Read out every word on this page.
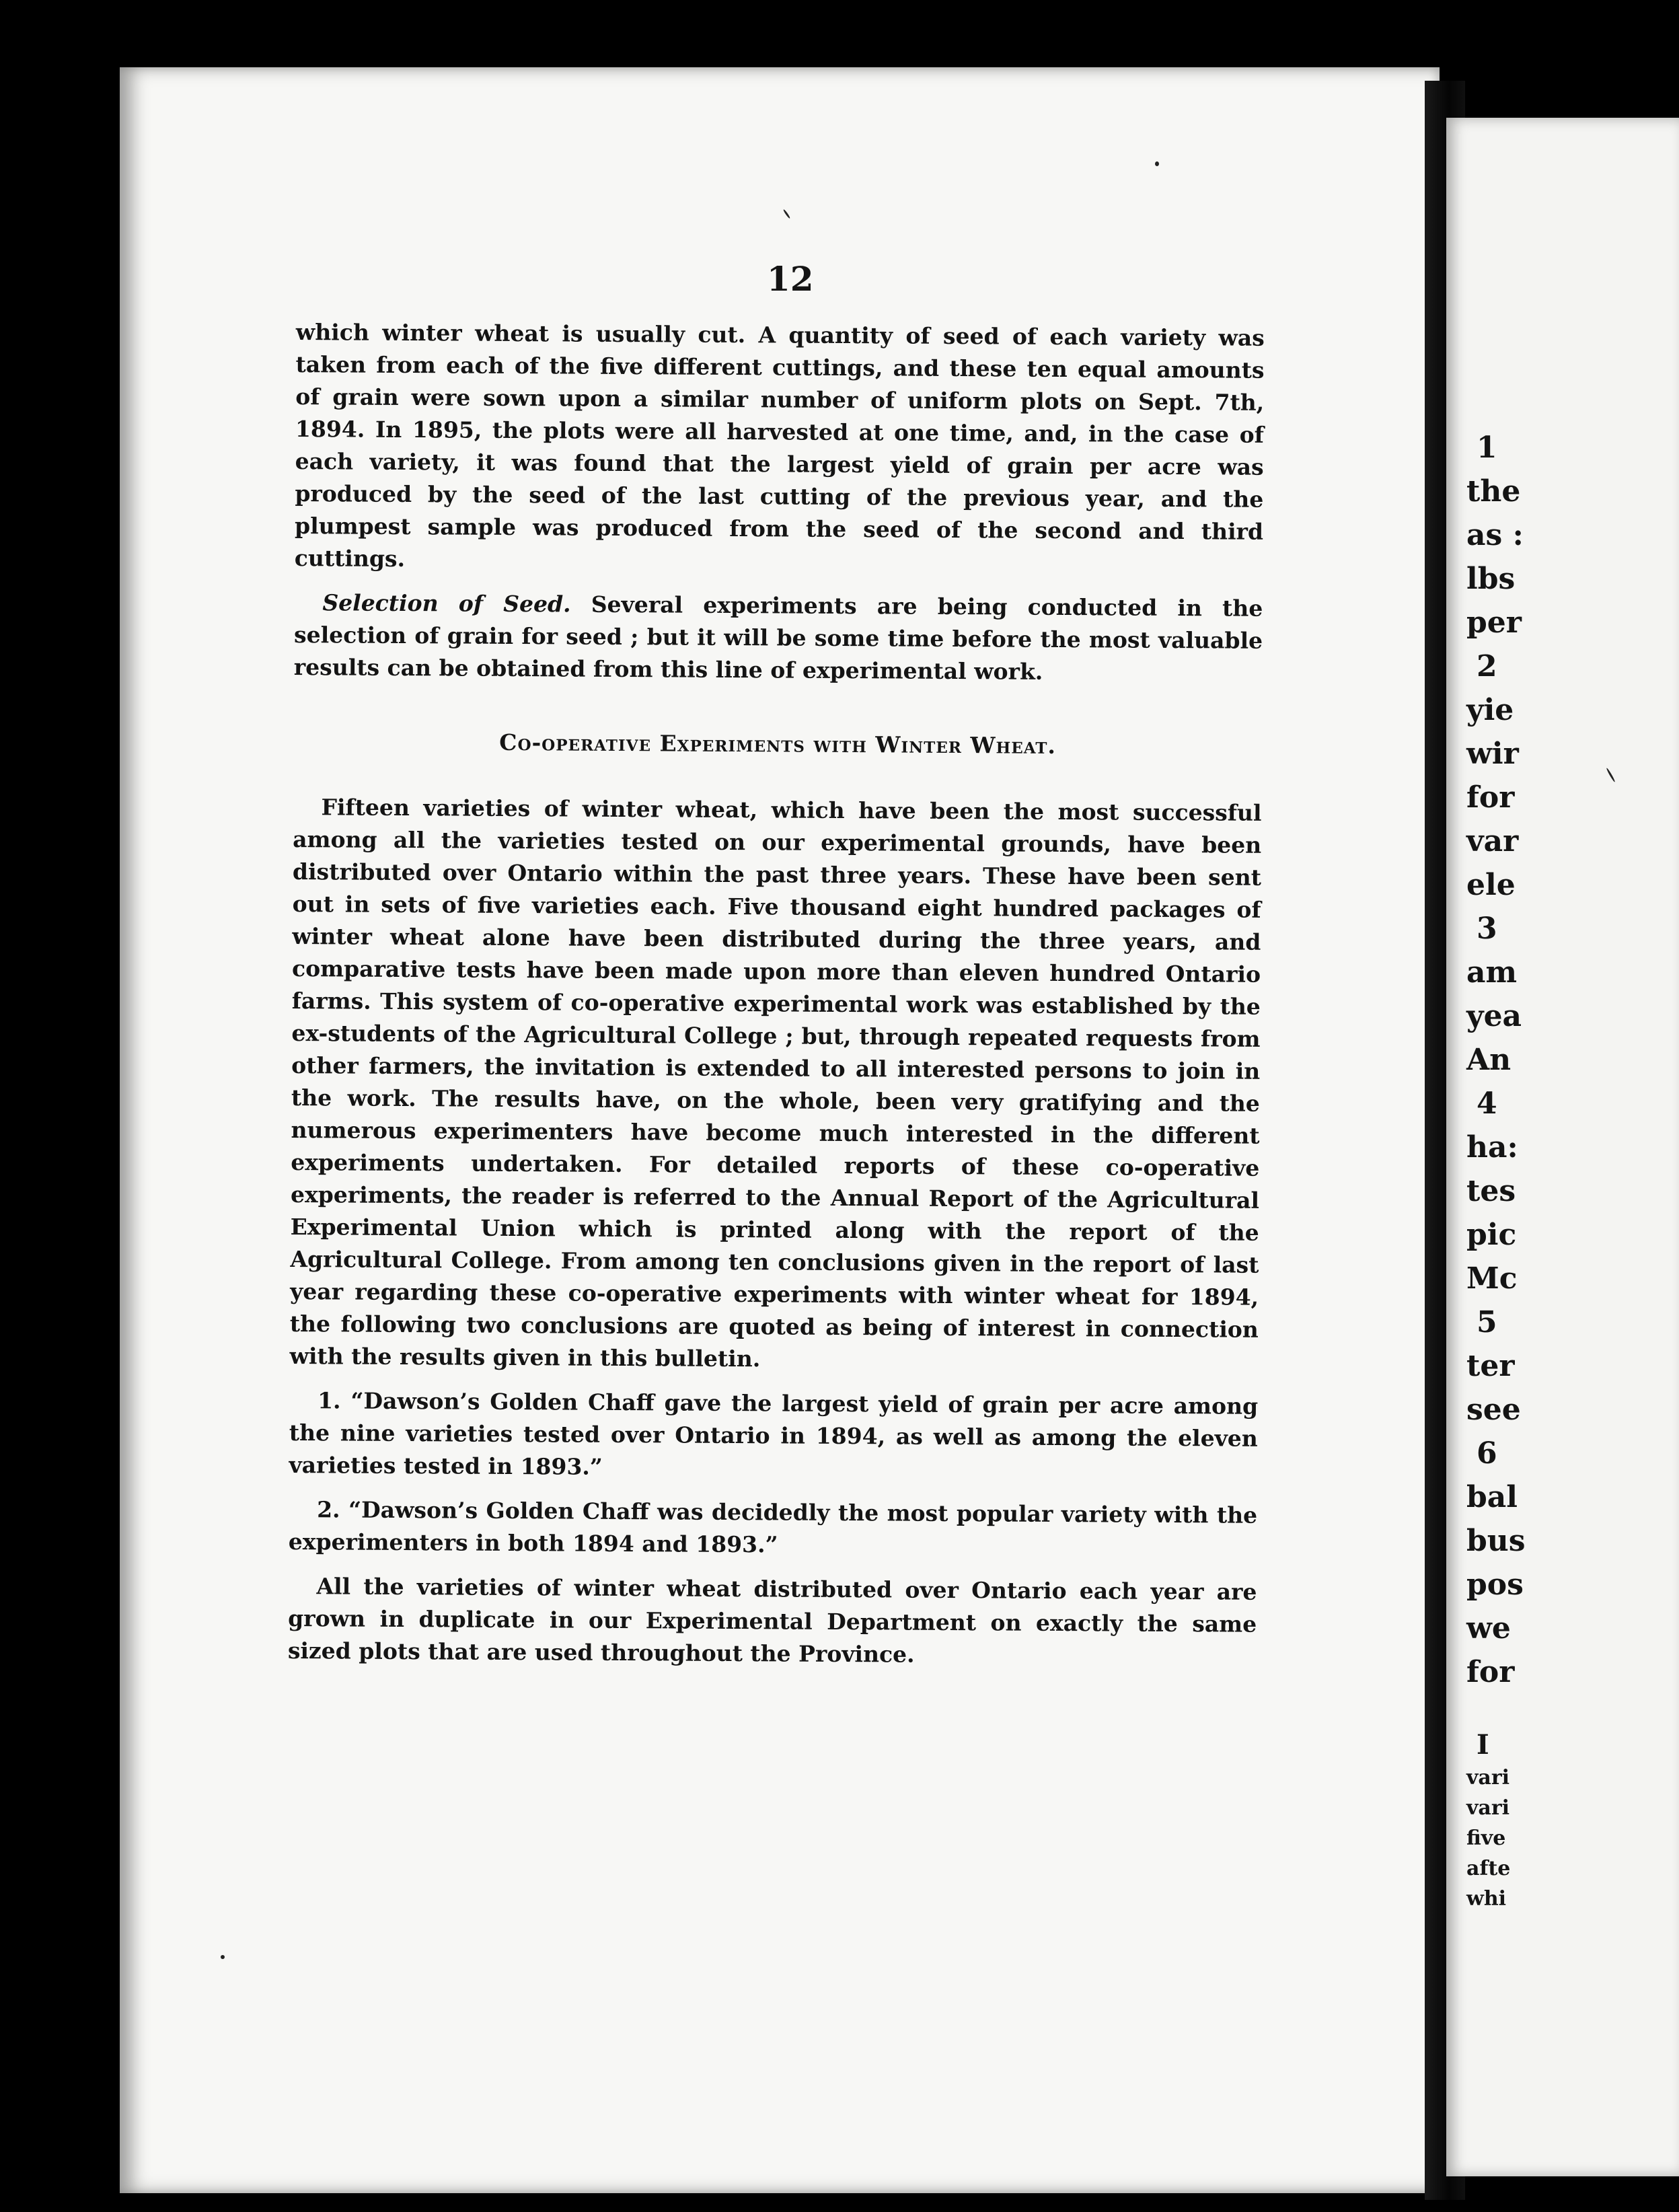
12

which winter wheat is usually cut. A quantity of seed of each variety was taken from each of the five different cuttings, and these ten equal amounts of grain were sown upon a similar number of uniform plots on Sept. 7th, 1894. In 1895, the plots were all harvested at one time, and, in the case of each variety, it was found that the largest yield of grain per acre was produced by the seed of the last cutting of the previous year, and the plumpest sample was produced from the seed of the second and third cuttings.

Selection of Seed. Several experiments are being conducted in the selection of grain for seed ; but it will be some time before the most valuable results can be obtained from this line of experimental work.

Co-operative Experiments with Winter Wheat.

Fifteen varieties of winter wheat, which have been the most successful among all the varieties tested on our experimental grounds, have been distributed over Ontario within the past three years. These have been sent out in sets of five varieties each. Five thousand eight hundred packages of winter wheat alone have been distributed during the three years, and comparative tests have been made upon more than eleven hundred Ontario farms. This system of co-operative experimental work was established by the ex-students of the Agricultural College ; but, through repeated requests from other farmers, the invitation is extended to all interested persons to join in the work. The results have, on the whole, been very gratifying and the numerous experimenters have become much interested in the different experiments undertaken. For detailed reports of these co-operative experiments, the reader is referred to the Annual Report of the Agricultural Experimental Union which is printed along with the report of the Agricultural College. From among ten conclusions given in the report of last year regarding these co-operative experiments with winter wheat for 1894, the following two conclusions are quoted as being of interest in connection with the results given in this bulletin.

1. “Dawson’s Golden Chaff gave the largest yield of grain per acre among the nine varieties tested over Ontario in 1894, as well as among the eleven varieties tested in 1893.”

2. “Dawson’s Golden Chaff was decidedly the most popular variety with the experimenters in both 1894 and 1893.”

All the varieties of winter wheat distributed over Ontario each year are grown in duplicate in our Experimental Department on exactly the same sized plots that are used throughout the Province.

1
the
as :
lbs
per
2
yie
wir
for
var
ele
3
am
yea
An
4
ha:
tes
pic
Mc
5
ter
see
6
bal
bus
pos
we
for
I
vari
vari
five
afte
whi
